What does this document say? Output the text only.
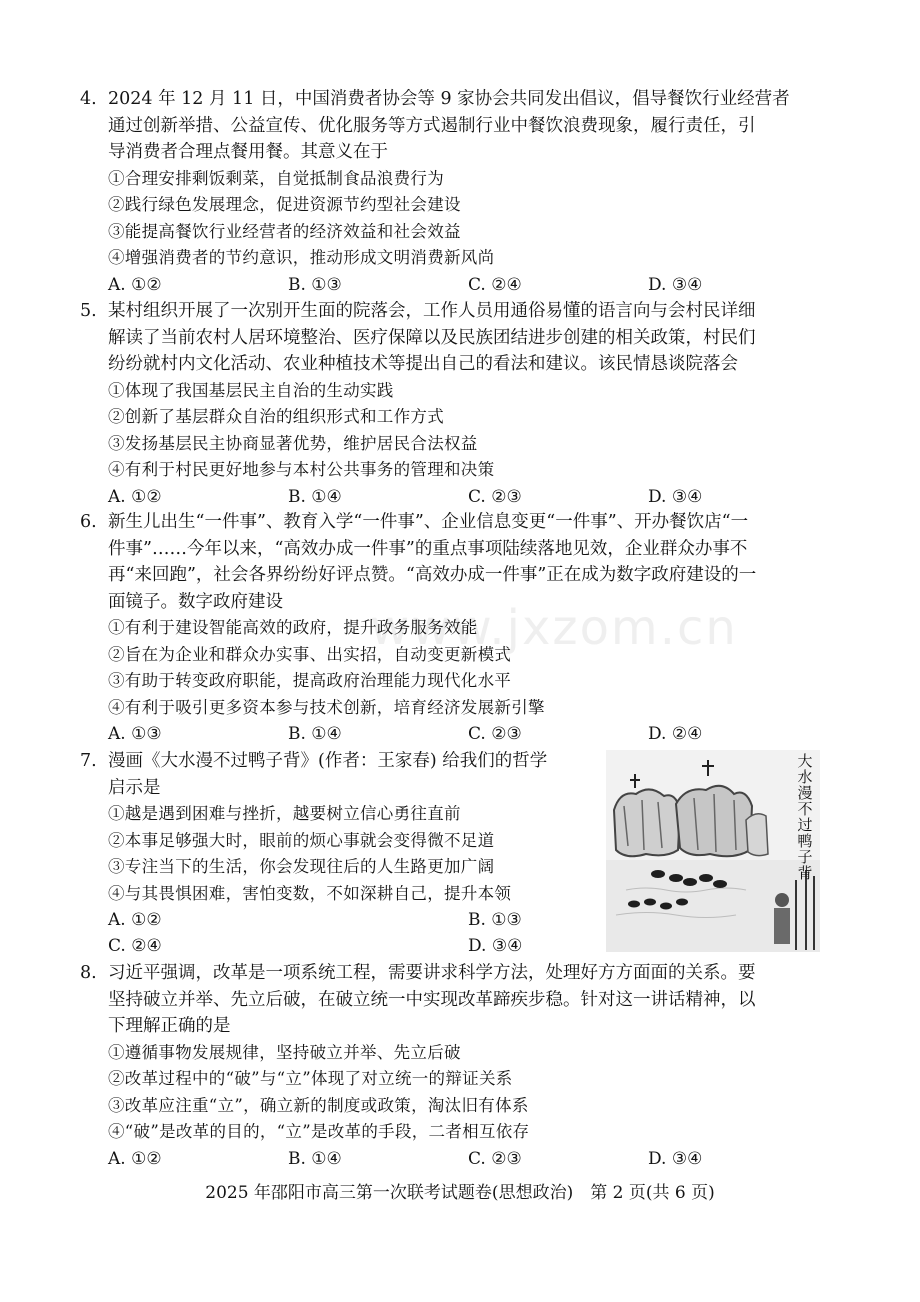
www.jxzom.cn
4. 2024 年 12 月 11 日，中国消费者协会等 9 家协会共同发出倡议，倡导餐饮行业经营者
通过创新举措、公益宣传、优化服务等方式遏制行业中餐饮浪费现象，履行责任，引
导消费者合理点餐用餐。其意义在于
①合理安排剩饭剩菜，自觉抵制食品浪费行为
②践行绿色发展理念，促进资源节约型社会建设
③能提高餐饮行业经营者的经济效益和社会效益
④增强消费者的节约意识，推动形成文明消费新风尚
A. ①②	B. ①③	C. ②④	D. ③④
5. 某村组织开展了一次别开生面的院落会，工作人员用通俗易懂的语言向与会村民详细
解读了当前农村人居环境整治、医疗保障以及民族团结进步创建的相关政策，村民们
纷纷就村内文化活动、农业种植技术等提出自己的看法和建议。该民情恳谈院落会
①体现了我国基层民主自治的生动实践
②创新了基层群众自治的组织形式和工作方式
③发扬基层民主协商显著优势，维护居民合法权益
④有利于村民更好地参与本村公共事务的管理和决策
A. ①②	B. ①④	C. ②③	D. ③④
6. 新生儿出生“一件事”、教育入学“一件事”、企业信息变更“一件事”、开办餐饮店“一
件事”……今年以来，“高效办成一件事”的重点事项陆续落地见效，企业群众办事不
再“来回跑”，社会各界纷纷好评点赞。“高效办成一件事”正在成为数字政府建设的一
面镜子。数字政府建设
①有利于建设智能高效的政府，提升政务服务效能
②旨在为企业和群众办实事、出实招，自动变更新模式
③有助于转变政府职能，提高政府治理能力现代化水平
④有利于吸引更多资本参与技术创新，培育经济发展新引擎
A. ①③	B. ①④	C. ②③	D. ②④
7. 漫画《大水漫不过鸭子背》(作者：王家春) 给我们的哲学
启示是
①越是遇到困难与挫折，越要树立信心勇往直前
②本事足够强大时，眼前的烦心事就会变得微不足道
③专注当下的生活，你会发现往后的人生路更加广阔
④与其畏惧困难，害怕变数，不如深耕自己，提升本领
A. ①②	B. ①③
C. ②④	D. ③④
大水漫不过鸭子背
8. 习近平强调，改革是一项系统工程，需要讲求科学方法，处理好方方面面的关系。要
坚持破立并举、先立后破，在破立统一中实现改革蹄疾步稳。针对这一讲话精神，以
下理解正确的是
①遵循事物发展规律，坚持破立并举、先立后破
②改革过程中的“破”与“立”体现了对立统一的辩证关系
③改革应注重“立”，确立新的制度或政策，淘汰旧有体系
④“破”是改革的目的，“立”是改革的手段，二者相互依存
A. ①②	B. ①④	C. ②③	D. ③④
2025 年邵阳市高三第一次联考试题卷(思想政治)　第 2 页(共 6 页)
